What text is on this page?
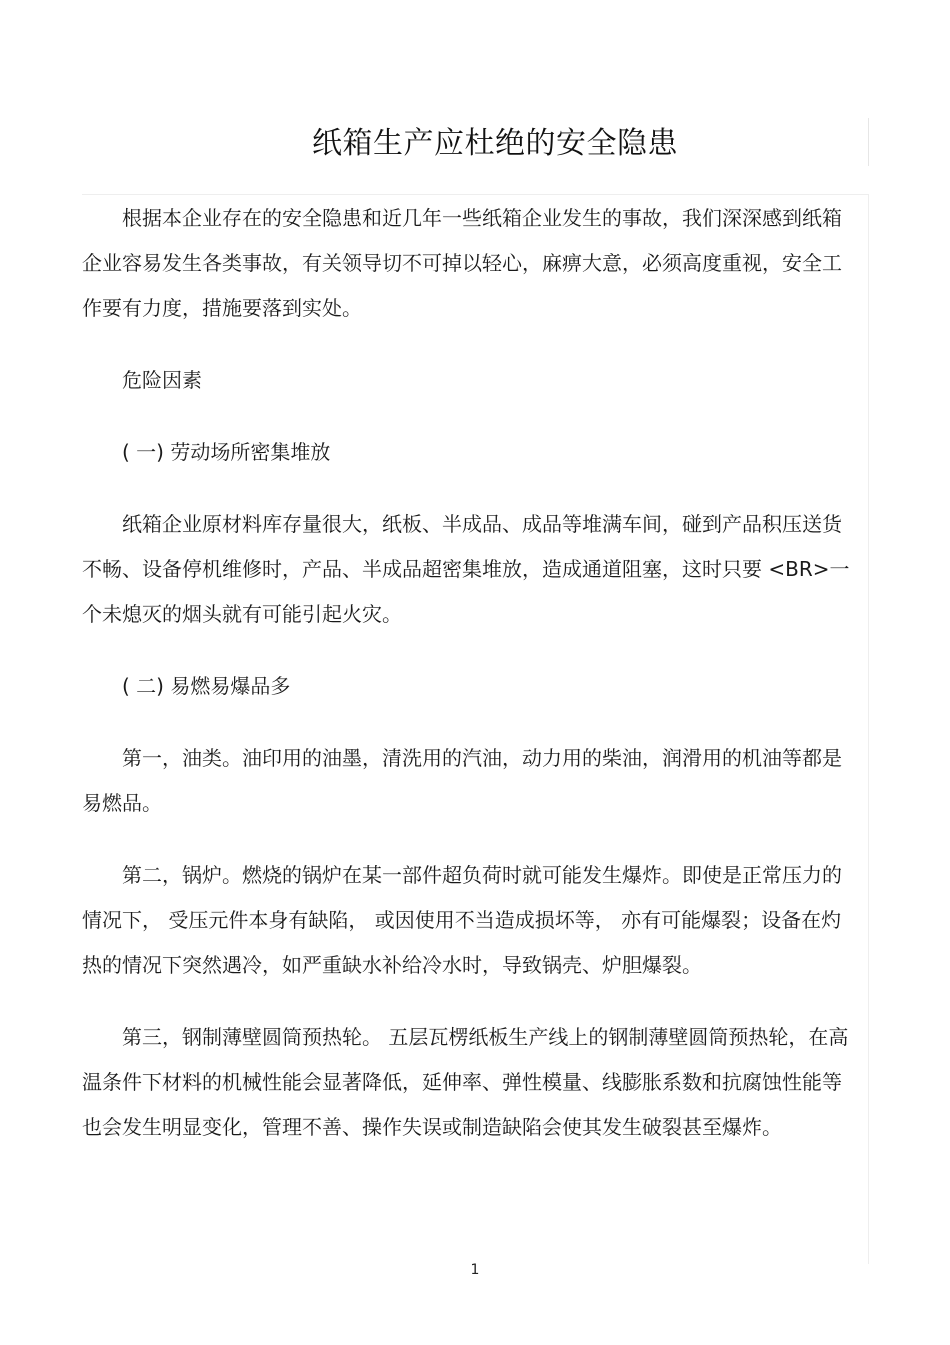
纸箱生产应杜绝的安全隐患

根据本企业存在的安全隐患和近几年一些纸箱企业发生的事故，我们深深感到纸箱企业容易发生各类事故，有关领导切不可掉以轻心，麻痹大意，必须高度重视，安全工作要有力度，措施要落到实处。

危险因素

( 一) 劳动场所密集堆放

纸箱企业原材料库存量很大，纸板、半成品、成品等堆满车间，碰到产品积压送货不畅、设备停机维修时，产品、半成品超密集堆放，造成通道阻塞，这时只要 <BR>一个未熄灭的烟头就有可能引起火灾。

( 二) 易燃易爆品多

第一，油类。油印用的油墨，清洗用的汽油，动力用的柴油，润滑用的机油等都是易燃品。

第二，锅炉。燃烧的锅炉在某一部件超负荷时就可能发生爆炸。即使是正常压力的情况下， 受压元件本身有缺陷， 或因使用不当造成损坏等， 亦有可能爆裂；设备在灼热的情况下突然遇冷，如严重缺水补给冷水时，导致锅壳、炉胆爆裂。

第三，钢制薄壁圆筒预热轮。 五层瓦楞纸板生产线上的钢制薄壁圆筒预热轮，在高温条件下材料的机械性能会显著降低，延伸率、弹性模量、线膨胀系数和抗腐蚀性能等也会发生明显变化，管理不善、操作失误或制造缺陷会使其发生破裂甚至爆炸。

1
